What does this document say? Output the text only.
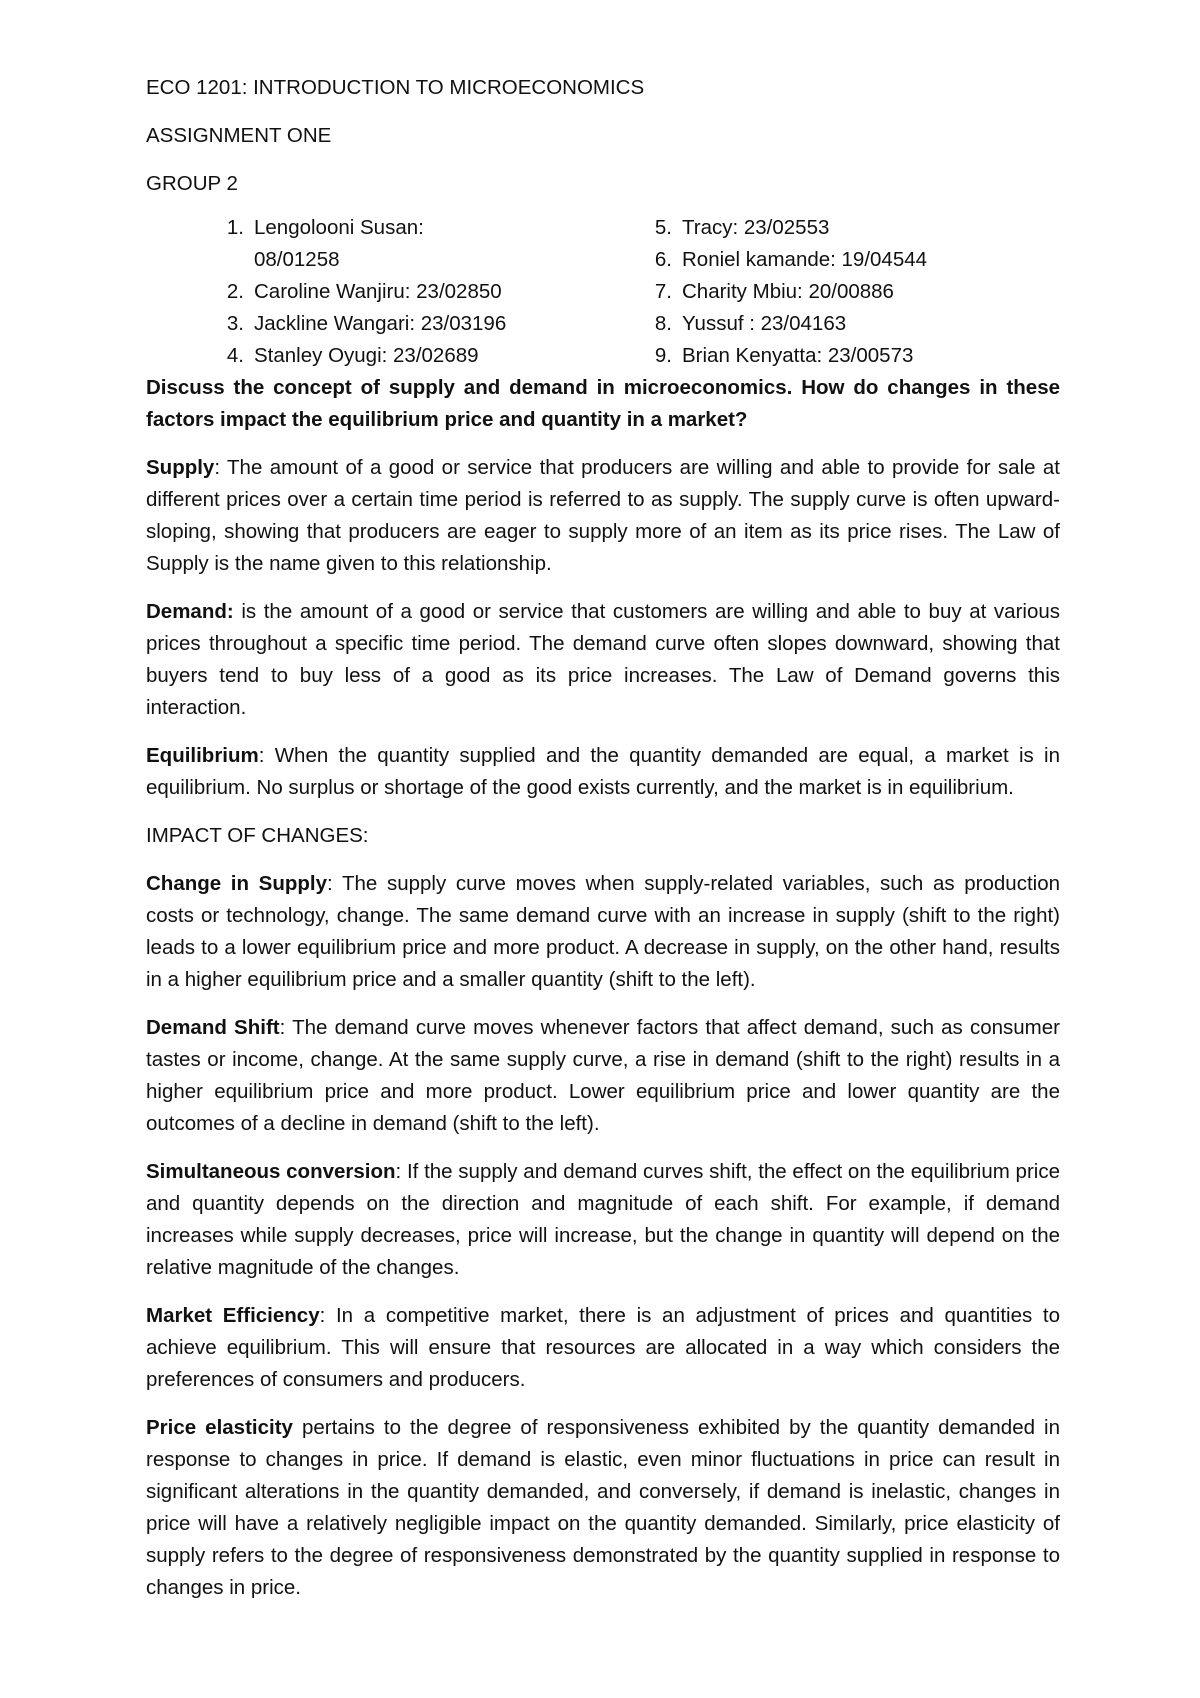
ECO 1201: INTRODUCTION TO MICROECONOMICS
ASSIGNMENT ONE
GROUP 2
1. Lengolooni Susan: 08/01258
2. Caroline Wanjiru: 23/02850
3. Jackline Wangari: 23/03196
4. Stanley Oyugi: 23/02689
5. Tracy: 23/02553
6. Roniel kamande: 19/04544
7. Charity Mbiu: 20/00886
8. Yussuf : 23/04163
9. Brian Kenyatta: 23/00573
Discuss the concept of supply and demand in microeconomics. How do changes in these factors impact the equilibrium price and quantity in a market?

Supply: The amount of a good or service that producers are willing and able to provide for sale at different prices over a certain time period is referred to as supply. The supply curve is often upward-sloping, showing that producers are eager to supply more of an item as its price rises. The Law of Supply is the name given to this relationship.

Demand: is the amount of a good or service that customers are willing and able to buy at various prices throughout a specific time period. The demand curve often slopes downward, showing that buyers tend to buy less of a good as its price increases. The Law of Demand governs this interaction.

Equilibrium: When the quantity supplied and the quantity demanded are equal, a market is in equilibrium. No surplus or shortage of the good exists currently, and the market is in equilibrium.

IMPACT OF CHANGES:

Change in Supply: The supply curve moves when supply-related variables, such as production costs or technology, change. The same demand curve with an increase in supply (shift to the right) leads to a lower equilibrium price and more product. A decrease in supply, on the other hand, results in a higher equilibrium price and a smaller quantity (shift to the left).

Demand Shift: The demand curve moves whenever factors that affect demand, such as consumer tastes or income, change. At the same supply curve, a rise in demand (shift to the right) results in a higher equilibrium price and more product. Lower equilibrium price and lower quantity are the outcomes of a decline in demand (shift to the left).

Simultaneous conversion: If the supply and demand curves shift, the effect on the equilibrium price and quantity depends on the direction and magnitude of each shift. For example, if demand increases while supply decreases, price will increase, but the change in quantity will depend on the relative magnitude of the changes.

Market Efficiency: In a competitive market, there is an adjustment of prices and quantities to achieve equilibrium. This will ensure that resources are allocated in a way which considers the preferences of consumers and producers.

Price elasticity pertains to the degree of responsiveness exhibited by the quantity demanded in response to changes in price. If demand is elastic, even minor fluctuations in price can result in significant alterations in the quantity demanded, and conversely, if demand is inelastic, changes in price will have a relatively negligible impact on the quantity demanded. Similarly, price elasticity of supply refers to the degree of responsiveness demonstrated by the quantity supplied in response to changes in price.
